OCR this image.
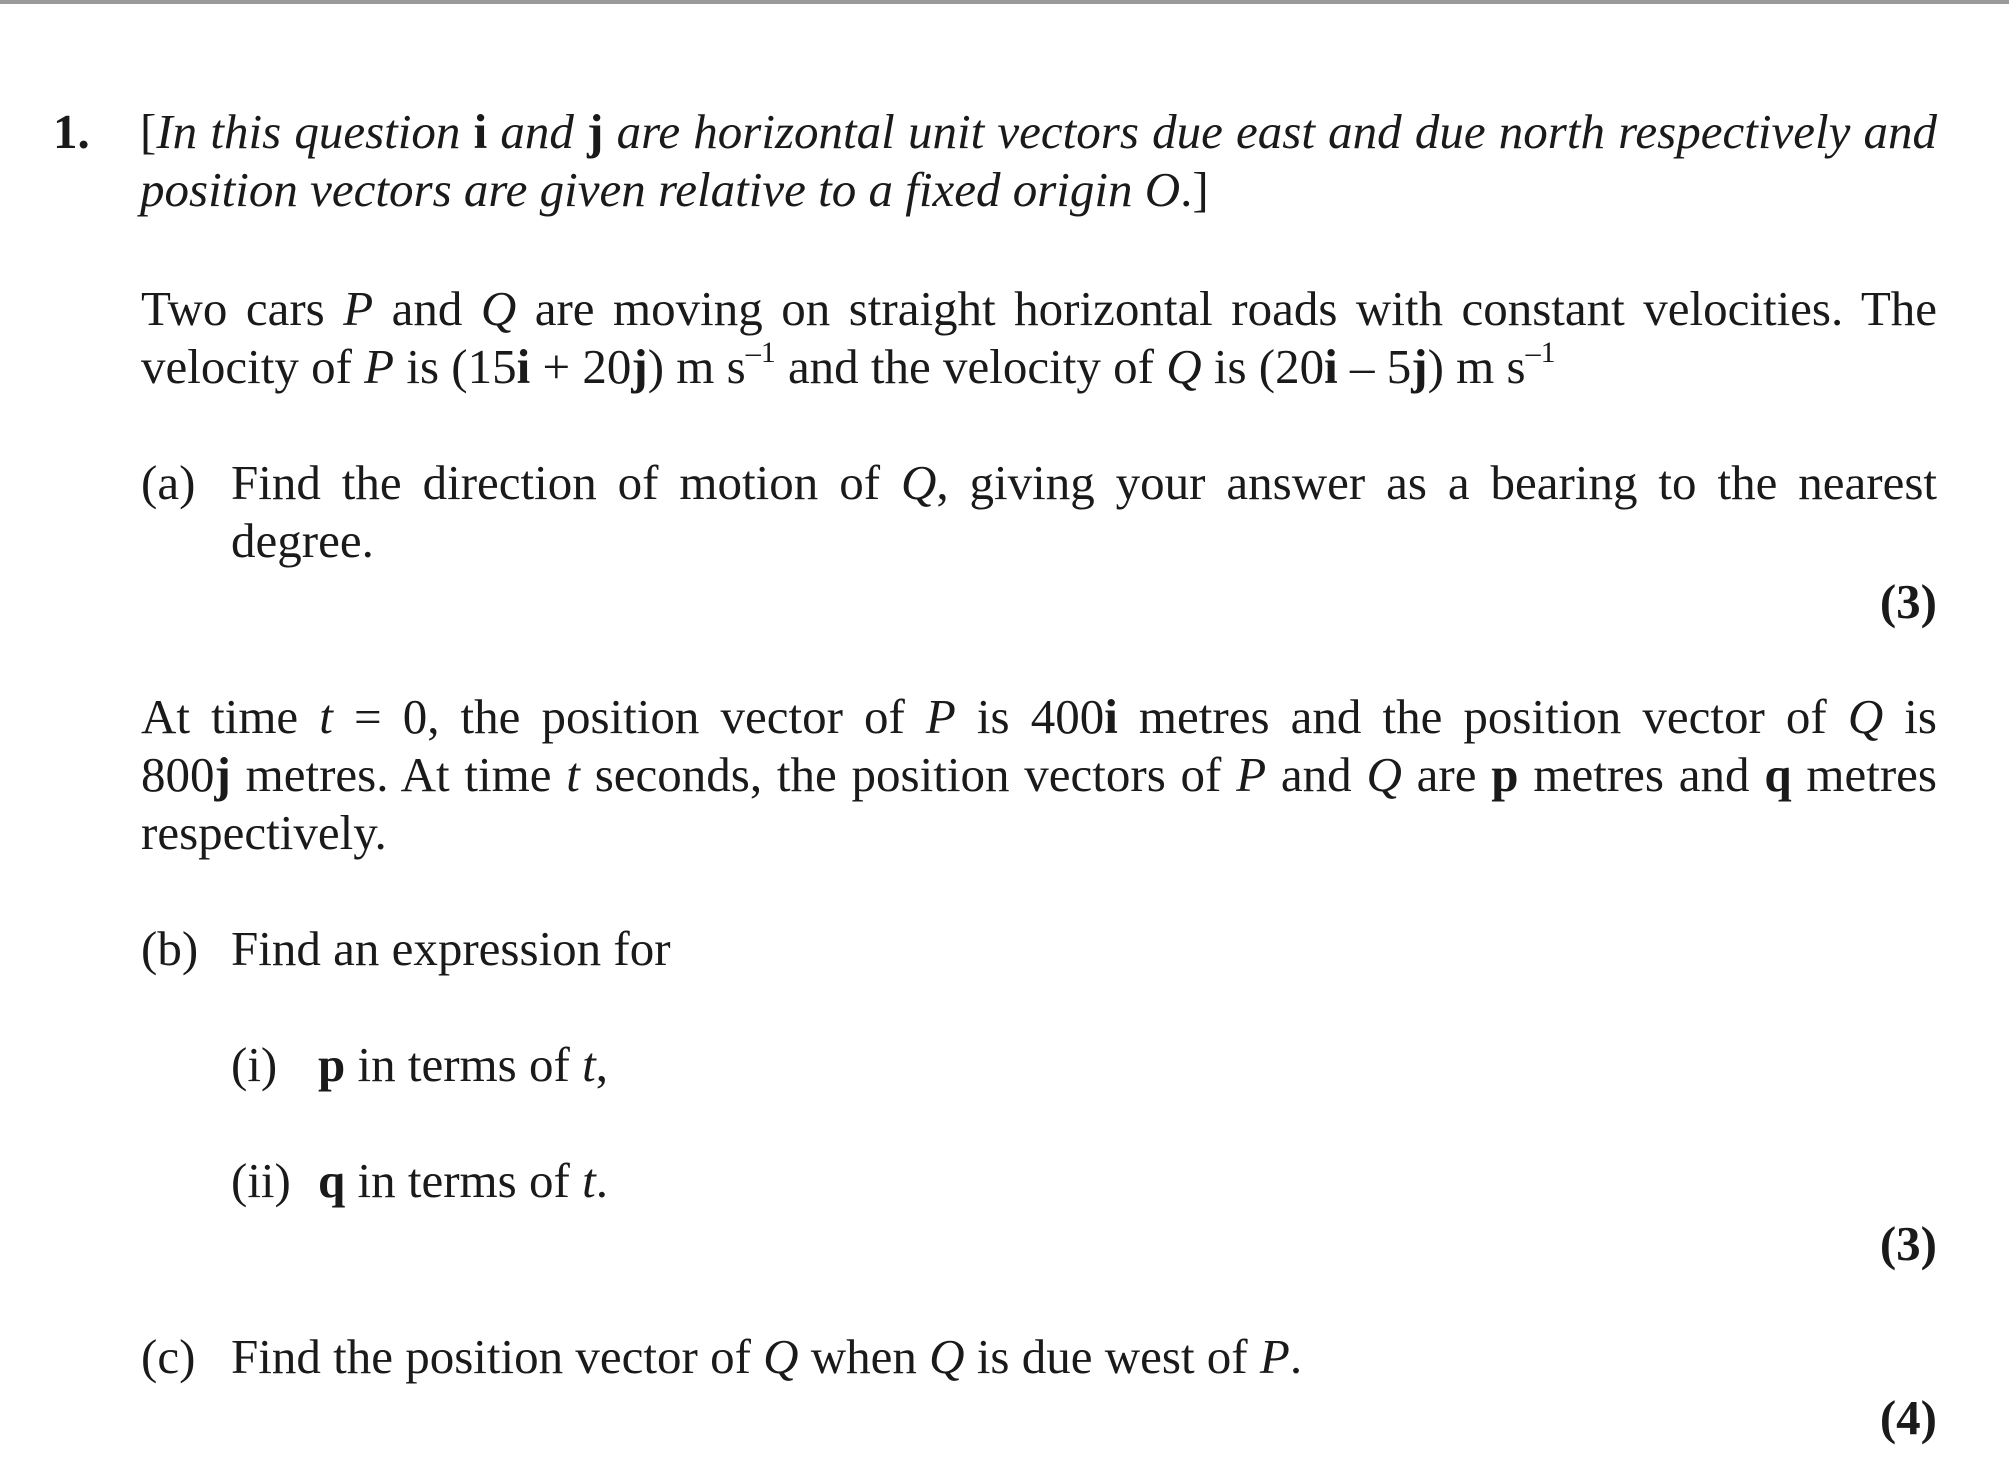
1. [In this question i and j are horizontal unit vectors due east and due north respectively and
position vectors are given relative to a fixed origin O.]
Two cars P and Q are moving on straight horizontal roads with constant velocities. The
velocity of P is (15i + 20j) m $s^{-1}$ and the velocity of Q is (20i – 5j) m $s^{-1}$
(a) Find the direction of motion of Q, giving your answer as a bearing to the nearest
degree.
(3)
At time t = 0, the position vector of P is 400i metres and the position vector of Q is
800j metres. At time t seconds, the position vectors of P and Q are p metres and q metres
respectively.
(b) Find an expression for
(i) p in terms of t,
(ii) q in terms of t.
(3)
(c) Find the position vector of Q when Q is due west of P.
(4)
